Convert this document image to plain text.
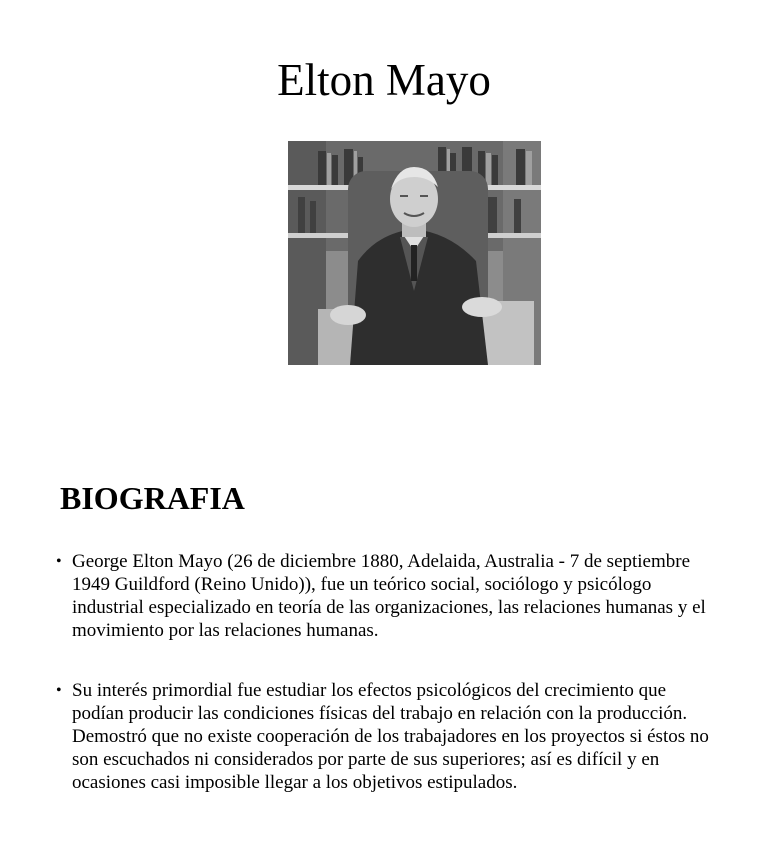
Elton Mayo
BIOGRAFIA
• George Elton Mayo (26 de diciembre 1880, Adelaida, Australia - 7 de septiembre 1949 Guildford (Reino Unido)), fue un teórico social, sociólogo y psicólogo industrial especializado en teoría de las organizaciones, las relaciones humanas y el movimiento por las relaciones humanas.
• Su interés primordial fue estudiar los efectos psicológicos del crecimiento que podían producir las condiciones físicas del trabajo en relación con la producción. Demostró que no existe cooperación de los trabajadores en los proyectos si éstos no son escuchados ni considerados por parte de sus superiores; así es difícil y en ocasiones casi imposible llegar a los objetivos estipulados.
